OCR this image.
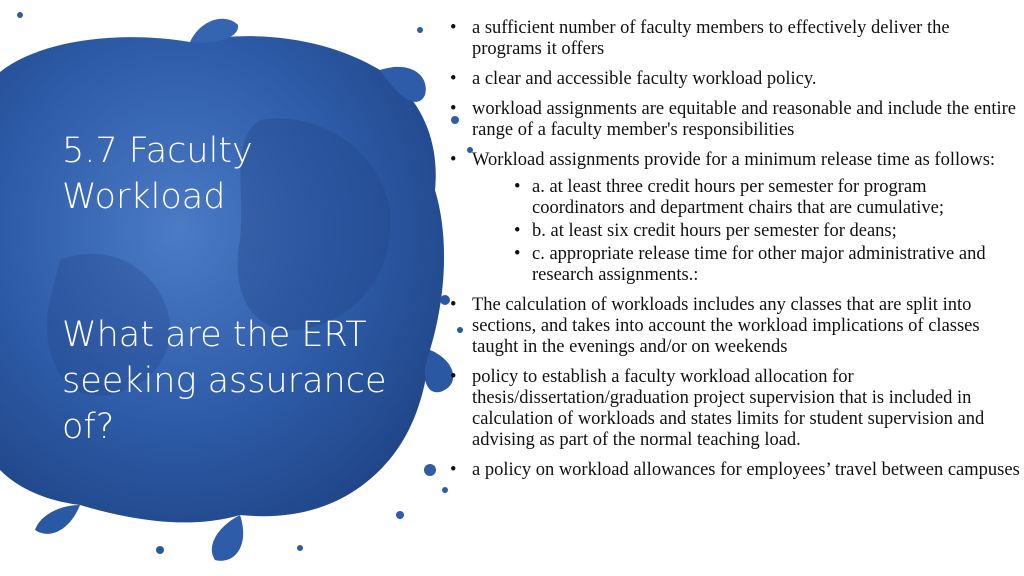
5.7 Faculty Workload
What are the ERT seeking assurance of?
• a sufficient number of faculty members to effectively deliver the programs it offers
• a clear and accessible faculty workload policy.
• workload assignments are equitable and reasonable and include the entire range of a faculty member's responsibilities
• Workload assignments provide for a minimum release time as follows:
• a. at least three credit hours per semester for program coordinators and department chairs that are cumulative;
• b. at least six credit hours per semester for deans;
• c. appropriate release time for other major administrative and research assignments.:
• The calculation of workloads includes any classes that are split into sections, and takes into account the workload implications of classes taught in the evenings and/or on weekends
• policy to establish a faculty workload allocation for thesis/dissertation/graduation project supervision that is included in calculation of workloads and states limits for student supervision and advising as part of the normal teaching load.
• a policy on workload allowances for employees’ travel between campuses
